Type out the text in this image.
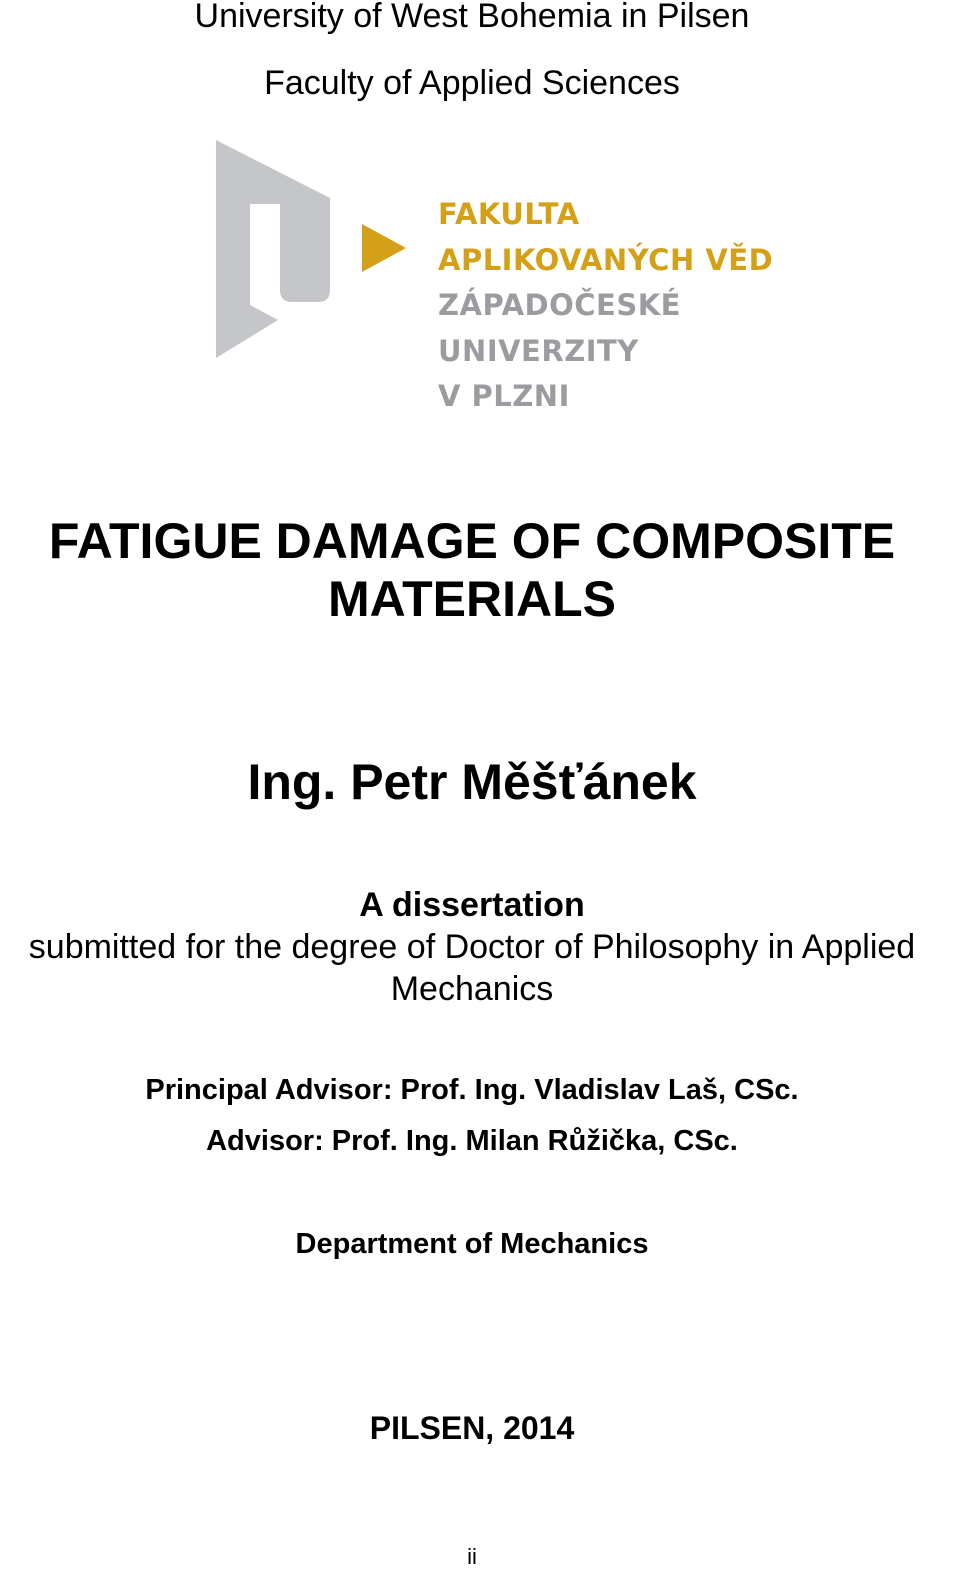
University of West Bohemia in Pilsen
Faculty of Applied Sciences
FAKULTA
APLIKOVANÝCH VĚD
ZÁPADOČESKÉ
UNIVERZITY
V PLZNI
FATIGUE DAMAGE OF COMPOSITE
MATERIALS
Ing. Petr Měšťánek
A dissertation
submitted for the degree of Doctor of Philosophy in Applied
Mechanics
Principal Advisor: Prof. Ing. Vladislav Laš, CSc.
Advisor: Prof. Ing. Milan Růžička, CSc.
Department of Mechanics
PILSEN, 2014
ii
